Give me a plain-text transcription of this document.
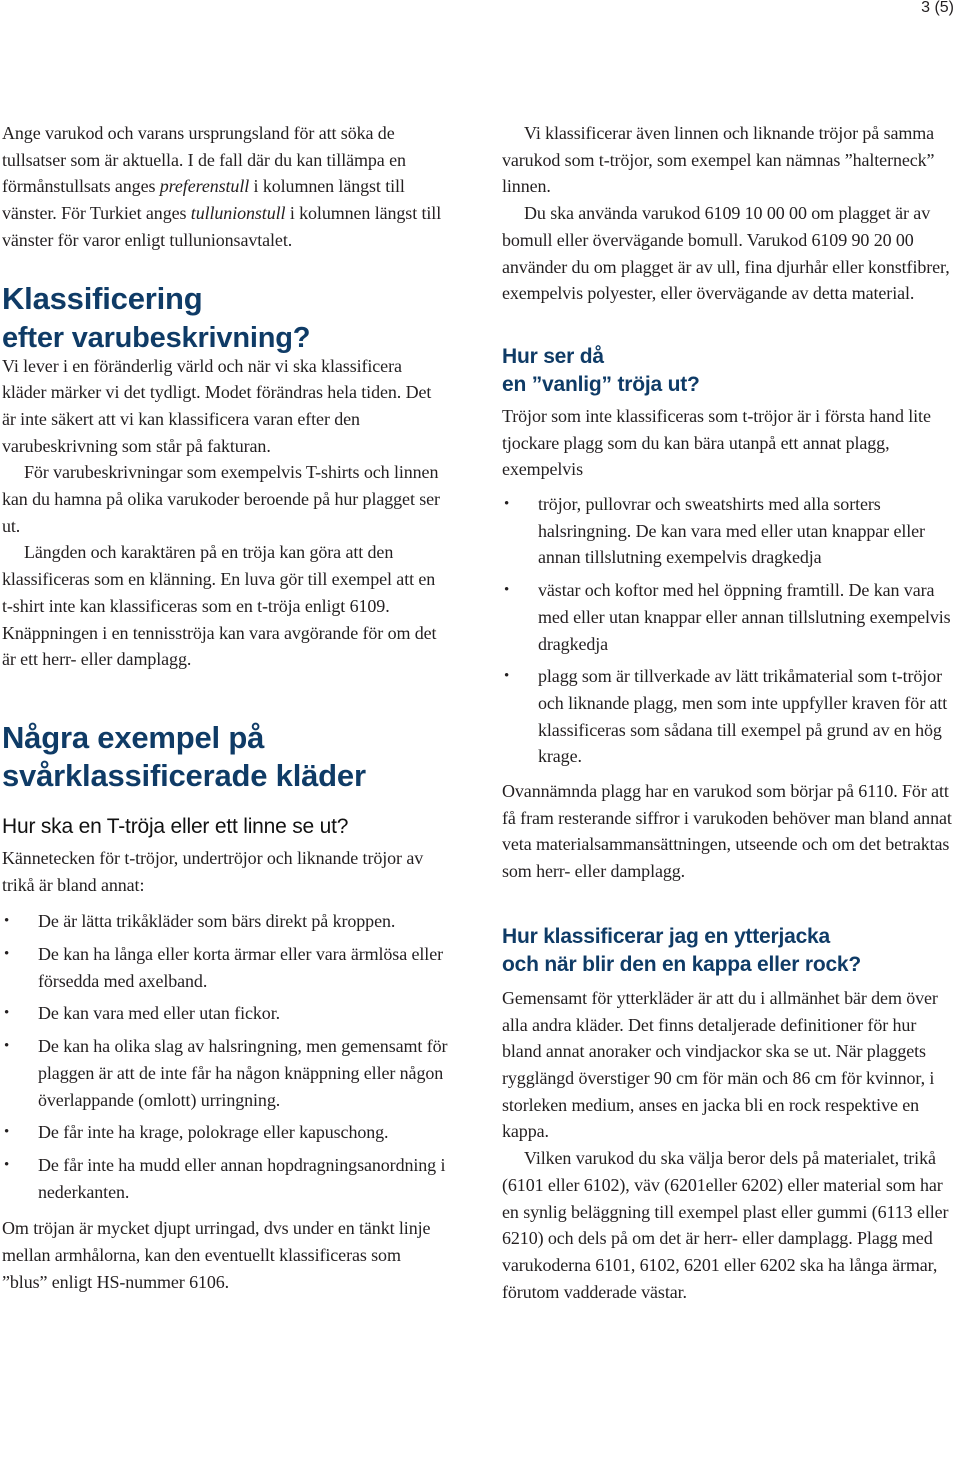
3 (5)

Ange varukod och varans ursprungsland för att söka de tullsatser som är aktuella. I de fall där du kan tillämpa en förmånstullsats anges preferenstull i kolumnen längst till vänster. För Turkiet anges tullunionstull i kolumnen längst till vänster för varor enligt tullunionsavtalet.

Klassificering
efter varubeskrivning?

Vi lever i en föränderlig värld och när vi ska klassificera kläder märker vi det tydligt. Modet förändras hela tiden. Det är inte säkert att vi kan klassificera varan efter den varubeskrivning som står på fakturan.

För varubeskrivningar som exempelvis T-shirts och linnen kan du hamna på olika varukoder beroende på hur plagget ser ut.

Längden och karaktären på en tröja kan göra att den klassificeras som en klänning. En luva gör till exempel att en t-shirt inte kan klassificeras som en t-tröja enligt 6109. Knäppningen i en tennisströja kan vara avgörande för om det är ett herr- eller damplagg.

Några exempel på
svårklassificerade kläder
Hur ska en T-tröja eller ett linne se ut?

Kännetecken för t-tröjor, undertröjor och liknande tröjor av trikå är bland annat:

• De är lätta trikåkläder som bärs direkt på kroppen.
• De kan ha långa eller korta ärmar eller vara ärmlösa eller försedda med axelband.
• De kan vara med eller utan fickor.
• De kan ha olika slag av halsringning, men gemensamt för plaggen är att de inte får ha någon knäppning eller någon överlappande (omlott) urringning.
• De får inte ha krage, polokrage eller kapuschong.
• De får inte ha mudd eller annan hopdragningsanordning i nederkanten.

Om tröjan är mycket djupt urringad, dvs under en tänkt linje mellan armhålorna, kan den eventuellt klassificeras som ”blus” enligt HS-nummer 6106.

Vi klassificerar även linnen och liknande tröjor på samma varukod som t-tröjor, som exempel kan nämnas ”halterneck” linnen.

Du ska använda varukod 6109 10 00 00 om plagget är av bomull eller övervägande bomull. Varukod 6109 90 20 00 använder du om plagget är av ull, fina djurhår eller konstfibrer, exempelvis polyester, eller övervägande av detta material.

Hur ser då
en ”vanlig” tröja ut?

Tröjor som inte klassificeras som t-tröjor är i första hand lite tjockare plagg som du kan bära utanpå ett annat plagg, exempelvis

• tröjor, pullovrar och sweatshirts med alla sorters halsringning. De kan vara med eller utan knappar eller annan tillslutning exempelvis dragkedja
• västar och koftor med hel öppning framtill. De kan vara med eller utan knappar eller annan tillslutning exempelvis dragkedja
• plagg som är tillverkade av lätt trikåmaterial som t-tröjor och liknande plagg, men som inte uppfyller kraven för att klassificeras som sådana till exempel på grund av en hög krage.

Ovannämnda plagg har en varukod som börjar på 6110. För att få fram resterande siffror i varukoden behöver man bland annat veta materialsammansättningen, utseende och om det betraktas som herr- eller damplagg.

Hur klassificerar jag en ytterjacka
och när blir den en kappa eller rock?

Gemensamt för ytterkläder är att du i allmänhet bär dem över alla andra kläder. Det finns detaljerade definitioner för hur bland annat anoraker och vindjackor ska se ut. När plaggets rygglängd överstiger 90 cm för män och 86 cm för kvinnor, i storleken medium, anses en jacka bli en rock respektive en kappa.

Vilken varukod du ska välja beror dels på materialet, trikå (6101 eller 6102), väv (6201eller 6202) eller material som har en synlig beläggning till exempel plast eller gummi (6113 eller 6210) och dels på om det är herr- eller damplagg. Plagg med varukoderna 6101, 6102, 6201 eller 6202 ska ha långa ärmar, förutom vadderade västar.
